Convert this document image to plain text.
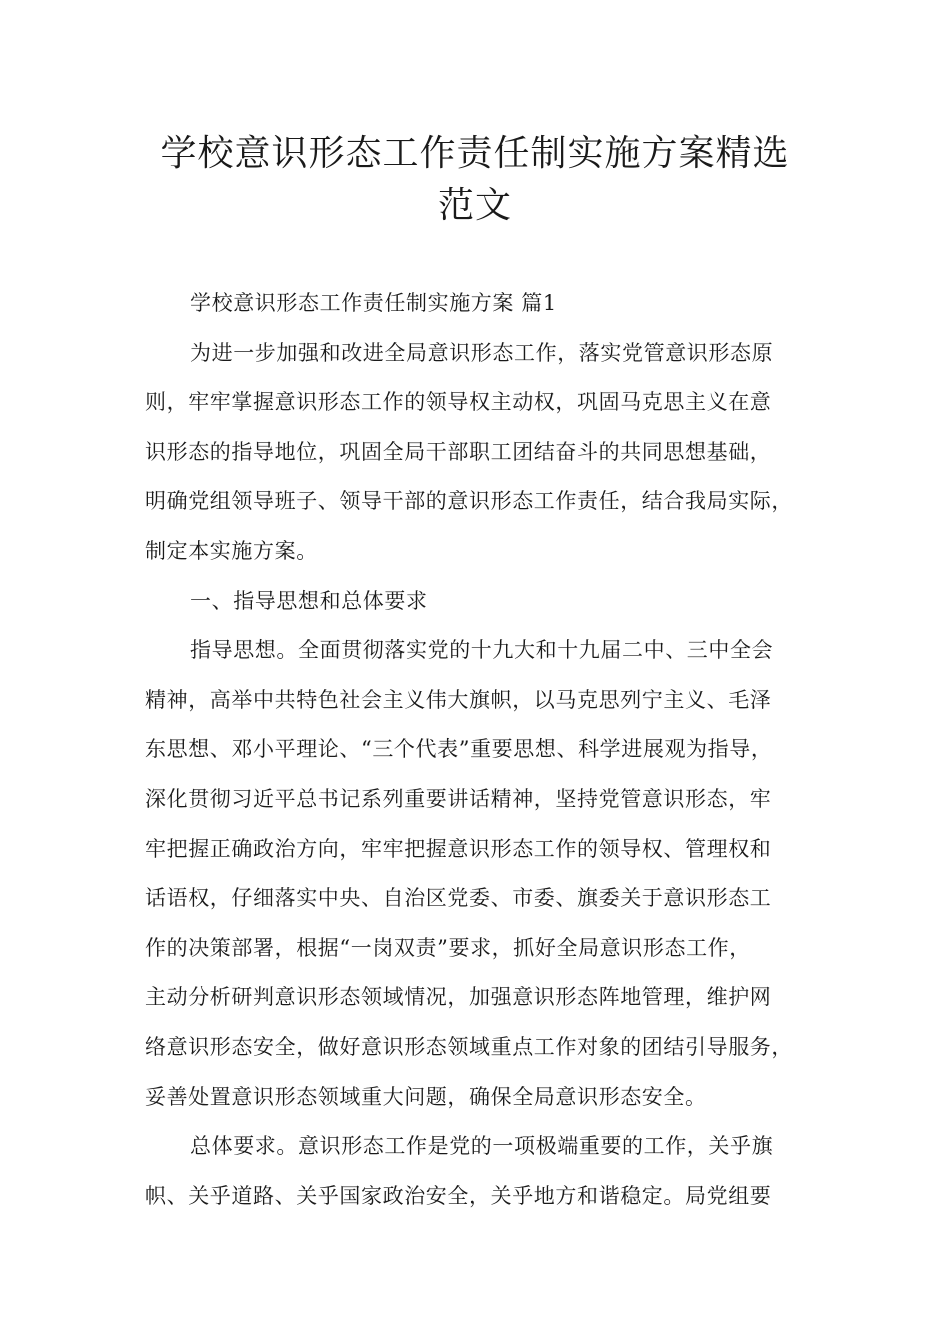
学校意识形态工作责任制实施方案精选
范文
学校意识形态工作责任制实施方案 篇1
为进一步加强和改进全局意识形态工作，落实党管意识形态原
则，牢牢掌握意识形态工作的领导权主动权，巩固马克思主义在意
识形态的指导地位，巩固全局干部职工团结奋斗的共同思想基础，
明确党组领导班子、领导干部的意识形态工作责任，结合我局实际，
制定本实施方案。
一、指导思想和总体要求
指导思想。全面贯彻落实党的十九大和十九届二中、三中全会
精神，高举中共特色社会主义伟大旗帜，以马克思列宁主义、毛泽
东思想、邓小平理论、“三个代表”重要思想、科学进展观为指导，
深化贯彻习近平总书记系列重要讲话精神，坚持党管意识形态，牢
牢把握正确政治方向，牢牢把握意识形态工作的领导权、管理权和
话语权，仔细落实中央、自治区党委、市委、旗委关于意识形态工
作的决策部署，根据“一岗双责”要求，抓好全局意识形态工作，
主动分析研判意识形态领域情况，加强意识形态阵地管理，维护网
络意识形态安全，做好意识形态领域重点工作对象的团结引导服务，
妥善处置意识形态领域重大问题，确保全局意识形态安全。
总体要求。意识形态工作是党的一项极端重要的工作，关乎旗
帜、关乎道路、关乎国家政治安全，关乎地方和谐稳定。局党组要
